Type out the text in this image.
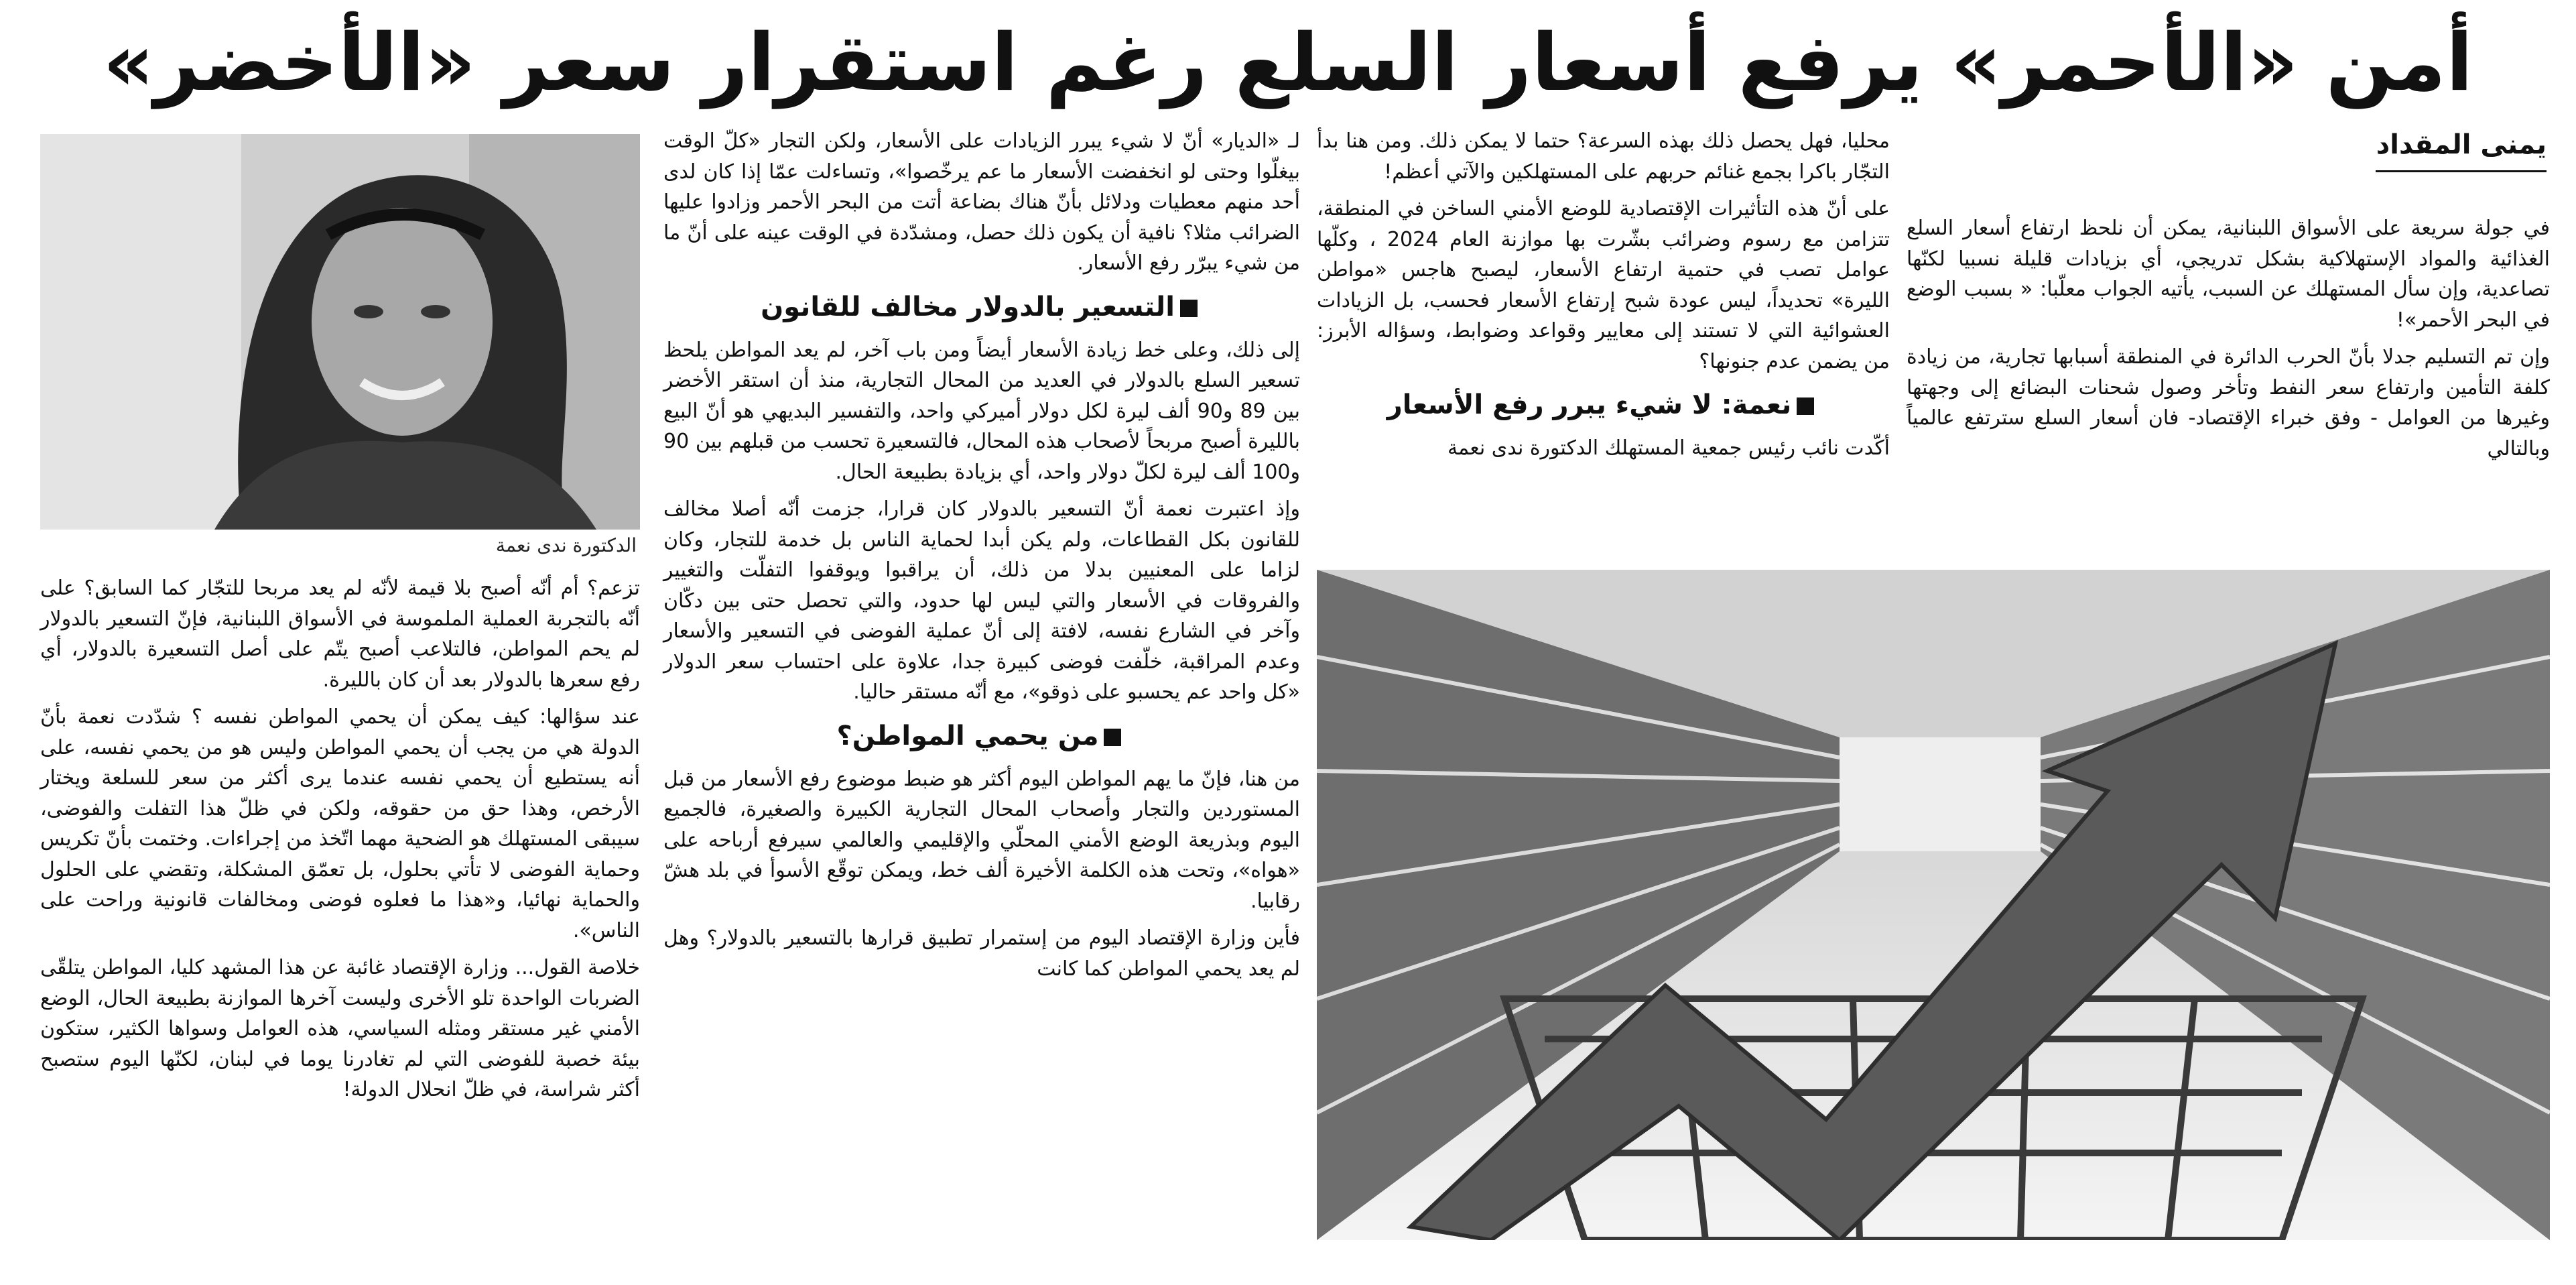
أمن «الأحمر» يرفع أسعار السلع رغم استقرار سعر «الأخضر»
يمنى المقداد

في جولة سريعة على الأسواق اللبنانية، يمكن أن نلحظ ارتفاع أسعار السلع الغذائية والمواد الإستهلاكية بشكل تدريجي، أي بزيادات قليلة نسبيا لكنّها تصاعدية، وإن سأل المستهلك عن السبب، يأتيه الجواب معلّبا: « بسبب الوضع في البحر الأحمر»!

وإن تم التسليم جدلا بأنّ الحرب الدائرة في المنطقة أسبابها تجارية، من زيادة كلفة التأمين وارتفاع سعر النفط وتأخر وصول شحنات البضائع إلى وجهتها وغيرها من العوامل - وفق خبراء الإقتصاد- فان أسعار السلع سترتفع عالمياً وبالتالي

محليا، فهل يحصل ذلك بهذه السرعة؟ حتما لا يمكن ذلك. ومن هنا بدأ التجّار باكرا بجمع غنائم حربهم على المستهلكين والآتي أعظم!

على أنّ هذه التأثيرات الإقتصادية للوضع الأمني الساخن في المنطقة، تتزامن مع رسوم وضرائب بشّرت بها موازنة العام 2024 ، وكلّها عوامل تصب في حتمية ارتفاع الأسعار، ليصبح هاجس «مواطن الليرة» تحديداً، ليس عودة شبح إرتفاع الأسعار فحسب، بل الزيادات العشوائية التي لا تستند إلى معايير وقواعد وضوابط، وسؤاله الأبرز: من يضمن عدم جنونها؟

نعمة: لا شيء يبرر رفع الأسعار

أكّدت نائب رئيس جمعية المستهلك الدكتورة ندى نعمة

لـ «الديار» أنّ لا شيء يبرر الزيادات على الأسعار، ولكن التجار «كلّ الوقت بيغلّوا وحتى لو انخفضت الأسعار ما عم يرخّصوا»، وتساءلت عمّا إذا كان لدى أحد منهم معطيات ودلائل بأنّ هناك بضاعة أتت من البحر الأحمر وزادوا عليها الضرائب مثلا؟ نافية أن يكون ذلك حصل، ومشدّدة في الوقت عينه على أنّ ما من شيء يبرّر رفع الأسعار.

التسعير بالدولار مخالف للقانون

إلى ذلك، وعلى خط زيادة الأسعار أيضاً ومن باب آخر، لم يعد المواطن يلحظ تسعير السلع بالدولار في العديد من المحال التجارية، منذ أن استقر الأخضر بين 89 و90 ألف ليرة لكل دولار أميركي واحد، والتفسير البديهي هو أنّ البيع بالليرة أصبح مربحاً لأصحاب هذه المحال، فالتسعيرة تحسب من قبلهم بين 90 و100 ألف ليرة لكلّ دولار واحد، أي بزيادة بطبيعة الحال.

وإذ اعتبرت نعمة أنّ التسعير بالدولار كان قرارا، جزمت أنّه أصلا مخالف للقانون بكل القطاعات، ولم يكن أبدا لحماية الناس بل خدمة للتجار، وكان لزاما على المعنيين بدلا من ذلك، أن يراقبوا ويوقفوا التفلّت والتغيير والفروقات في الأسعار والتي ليس لها حدود، والتي تحصل حتى بين دكّان وآخر في الشارع نفسه، لافتة إلى أنّ عملية الفوضى في التسعير والأسعار وعدم المراقبة، خلّفت فوضى كبيرة جدا، علاوة على احتساب سعر الدولار «كل واحد عم يحسبو على ذوقو»، مع أنّه مستقر حاليا.

من يحمي المواطن؟

من هنا، فإنّ ما يهم المواطن اليوم أكثر هو ضبط موضوع رفع الأسعار من قبل المستوردين والتجار وأصحاب المحال التجارية الكبيرة والصغيرة، فالجميع اليوم وبذريعة الوضع الأمني المحلّي والإقليمي والعالمي سيرفع أرباحه على «هواه»، وتحت هذه الكلمة الأخيرة ألف خط، ويمكن توقّع الأسوأ في بلد هشّ رقابيا.

فأين وزارة الإقتصاد اليوم من إستمرار تطبيق قرارها بالتسعير بالدولار؟ وهل لم يعد يحمي المواطن كما كانت

الدكتورة ندى نعمة

تزعم؟ أم أنّه أصبح بلا قيمة لأنّه لم يعد مربحا للتجّار كما السابق؟ على أنّه بالتجربة العملية الملموسة في الأسواق اللبنانية، فإنّ التسعير بالدولار لم يحم المواطن، فالتلاعب أصبح يتّم على أصل التسعيرة بالدولار، أي رفع سعرها بالدولار بعد أن كان بالليرة.

عند سؤالها: كيف يمكن أن يحمي المواطن نفسه ؟ شدّدت نعمة بأنّ الدولة هي من يجب أن يحمي المواطن وليس هو من يحمي نفسه، على أنه يستطيع أن يحمي نفسه عندما يرى أكثر من سعر للسلعة ويختار الأرخص، وهذا حق من حقوقه، ولكن في ظلّ هذا التفلت والفوضى، سيبقى المستهلك هو الضحية مهما اتّخذ من إجراءات. وختمت بأنّ تكريس وحماية الفوضى لا تأتي بحلول، بل تعمّق المشكلة، وتقضي على الحلول والحماية نهائيا، و«هذا ما فعلوه فوضى ومخالفات قانونية وراحت على الناس».

خلاصة القول... وزارة الإقتصاد غائبة عن هذا المشهد كليا، المواطن يتلقّى الضربات الواحدة تلو الأخرى وليست آخرها الموازنة بطبيعة الحال، الوضع الأمني غير مستقر ومثله السياسي، هذه العوامل وسواها الكثير، ستكون بيئة خصبة للفوضى التي لم تغادرنا يوما في لبنان، لكنّها اليوم ستصبح أكثر شراسة، في ظلّ انحلال الدولة!
